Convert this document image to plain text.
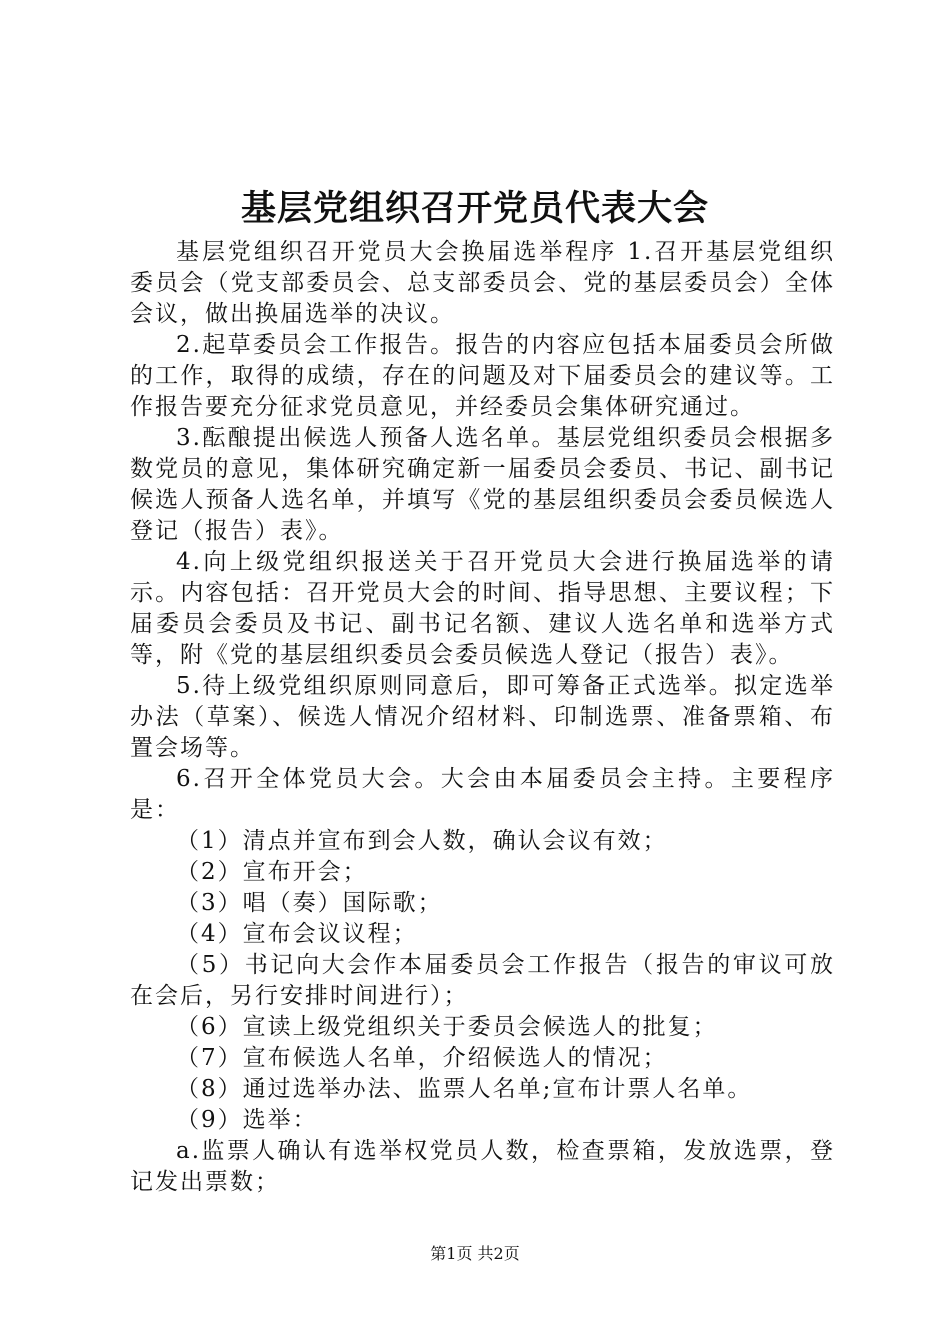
基层党组织召开党员代表大会

基层党组织召开党员大会换届选举程序 1.召开基层党组织委员会（党支部委员会、总支部委员会、党的基层委员会）全体会议，做出换届选举的决议。

2.起草委员会工作报告。报告的内容应包括本届委员会所做的工作，取得的成绩，存在的问题及对下届委员会的建议等。工作报告要充分征求党员意见，并经委员会集体研究通过。

3.酝酿提出候选人预备人选名单。基层党组织委员会根据多数党员的意见，集体研究确定新一届委员会委员、书记、副书记候选人预备人选名单，并填写《党的基层组织委员会委员候选人登记（报告）表》。

4.向上级党组织报送关于召开党员大会进行换届选举的请示。内容包括：召开党员大会的时间、指导思想、主要议程；下届委员会委员及书记、副书记名额、建议人选名单和选举方式等，附《党的基层组织委员会委员候选人登记（报告）表》。

5.待上级党组织原则同意后，即可筹备正式选举。拟定选举办法（草案）、候选人情况介绍材料、印制选票、准备票箱、布置会场等。

6.召开全体党员大会。大会由本届委员会主持。主要程序是：

（1）清点并宣布到会人数，确认会议有效；

（2）宣布开会；

（3）唱（奏）国际歌；

（4）宣布会议议程；

（5）书记向大会作本届委员会工作报告（报告的审议可放在会后，另行安排时间进行）；

（6）宣读上级党组织关于委员会候选人的批复；

（7）宣布候选人名单，介绍候选人的情况；

（8）通过选举办法、监票人名单;宣布计票人名单。

（9）选举：

a.监票人确认有选举权党员人数，检查票箱，发放选票，登记发出票数；

第1页 共2页
